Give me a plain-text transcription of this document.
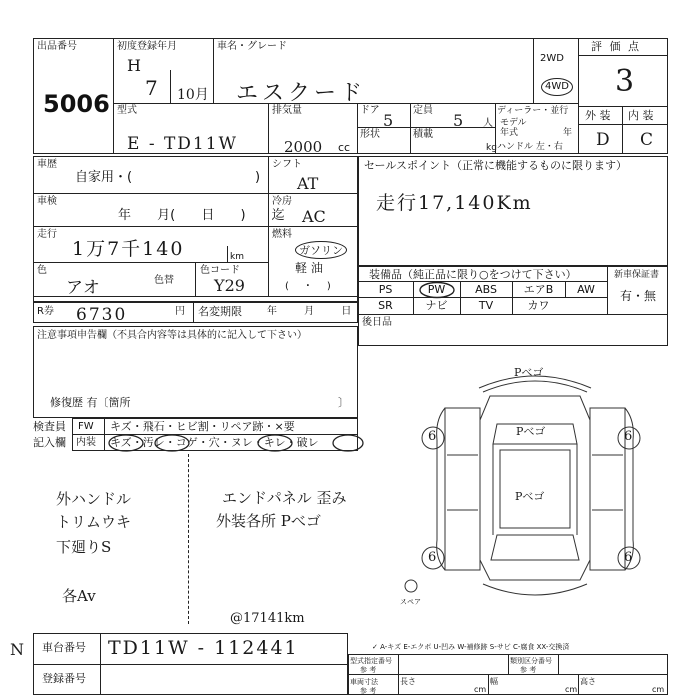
出品番号
5006
初度登録年月
H
7 10月
車名・グレード
エスクード
2WD
4WD
評 価 点
3
外 装 内 装
D C
型式
E - TD11W
排気量
2000 cc
ドア
5
定員
5 人
形状	積載
kg
ディーラー・並行
モデル
年式	年
ハンドル 左・右
車歴
自家用・(	)
シフト
AT
車検
年 月( 日 ) 迄
冷房
AC
走行
1万7千140	km
燃料
ガソリン
軽 油
(・)
色
アオ	色替
色コード
Y29
R券 6730	円 名変期限	年 月 日
注意事項申告欄（不具合内容等は具体的に記入して下さい）
修復歴 有〔箇所	〕
検査員
記入欄
FW キズ・飛石・ヒビ割・リペア跡・×要
内装 キズ・汚レ・コゲ・穴・ヌレ・キレ・破レ
外ハンドル
トリムウキ
下廻りS
各Av
エンドパネル 歪み
外装各所 Pべゴ
@17141km
セールスポイント（正常に機能するものに限ります）
走行17,140Km
装備品（純正品に限り○をつけて下さい）	新車保証書
有・無
PS	PW	ABS	エアB	AW
SR	ナビ	TV	カワ
後日品
Pべゴ
Pべゴ
Pべゴ
6	6
6	6
スペア
✓ A-キズ E-エクボ U-凹み W-補修跡 S-サビ C-腐食 XX-交換済
N 車台番号 TD11W - 112441
登録番号
型式指定番号
参 考
類別区分番号
参 考
車両寸法
参 考
長さ
cm
幅
cm
高さ
cm
